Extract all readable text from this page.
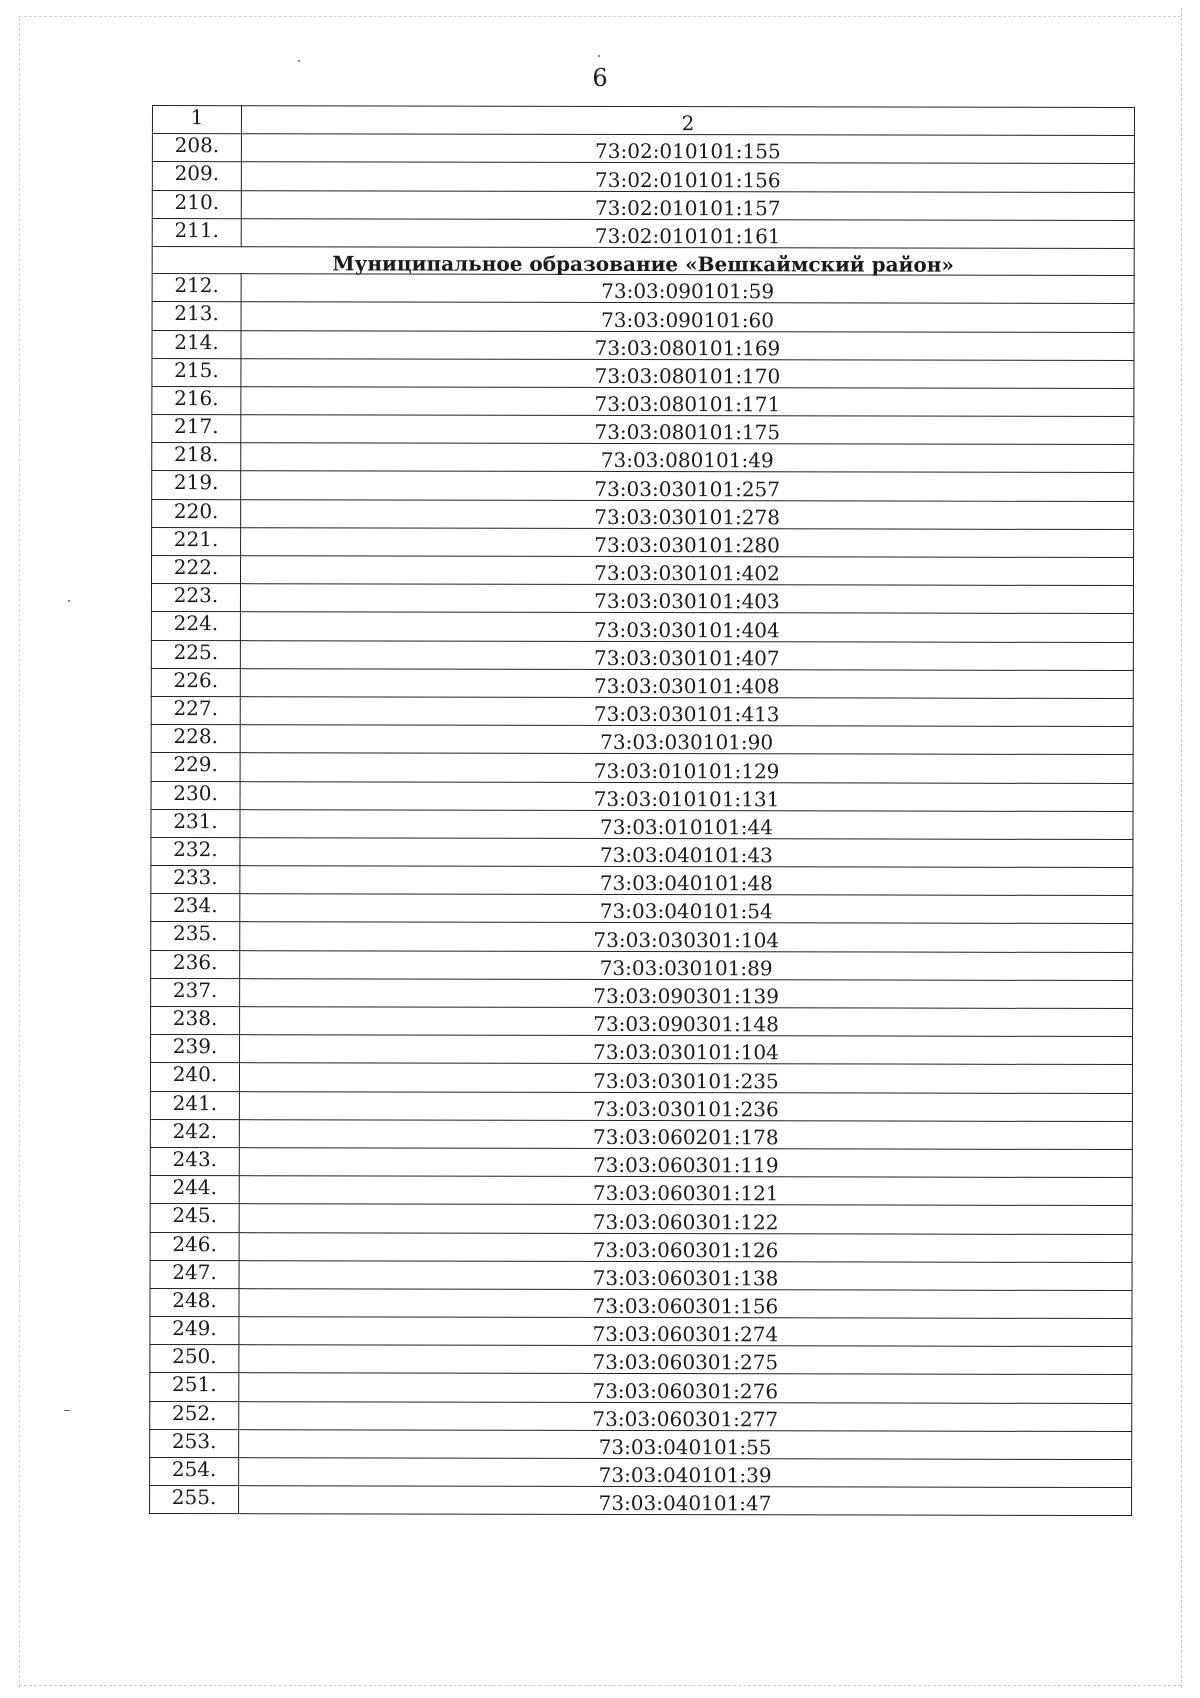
6
1	2
208.	73:02:010101:155
209.	73:02:010101:156
210.	73:02:010101:157
211.	73:02:010101:161
Муниципальное образование «Вешкаймский район»	
212.	73:03:090101:59
213.	73:03:090101:60
214.	73:03:080101:169
215.	73:03:080101:170
216.	73:03:080101:171
217.	73:03:080101:175
218.	73:03:080101:49
219.	73:03:030101:257
220.	73:03:030101:278
221.	73:03:030101:280
222.	73:03:030101:402
223.	73:03:030101:403
224.	73:03:030101:404
225.	73:03:030101:407
226.	73:03:030101:408
227.	73:03:030101:413
228.	73:03:030101:90
229.	73:03:010101:129
230.	73:03:010101:131
231.	73:03:010101:44
232.	73:03:040101:43
233.	73:03:040101:48
234.	73:03:040101:54
235.	73:03:030301:104
236.	73:03:030101:89
237.	73:03:090301:139
238.	73:03:090301:148
239.	73:03:030101:104
240.	73:03:030101:235
241.	73:03:030101:236
242.	73:03:060201:178
243.	73:03:060301:119
244.	73:03:060301:121
245.	73:03:060301:122
246.	73:03:060301:126
247.	73:03:060301:138
248.	73:03:060301:156
249.	73:03:060301:274
250.	73:03:060301:275
251.	73:03:060301:276
252.	73:03:060301:277
253.	73:03:040101:55
254.	73:03:040101:39
255.	73:03:040101:47
